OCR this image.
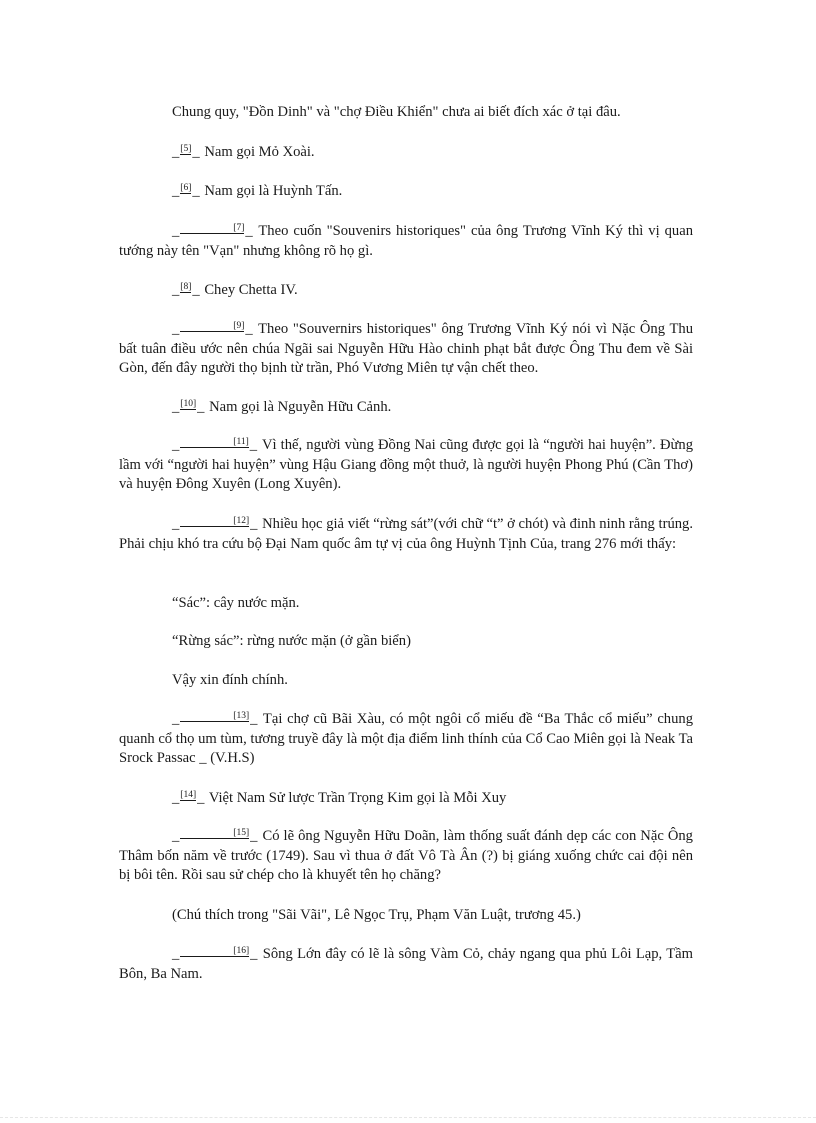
Chung quy, "Đồn Dinh" và "chợ Điều Khiển" chưa ai biết đích xác ở tại đâu.
_[5]_ Nam gọi Mỏ Xoài.
_[6]_ Nam gọi là Huỳnh Tấn.
_	[7]_ Theo cuốn "Souvenirs historiques" của ông Trương Vĩnh Ký thì vị quan tướng này tên "Vạn" nhưng không rõ họ gì.
_[8]_ Chey Chetta IV.
_	[9]_ Theo "Souvernirs historiques" ông Trương Vĩnh Ký nói vì Nặc Ông Thu bất tuân điều ước nên chúa Ngãi sai Nguyễn Hữu Hào chinh phạt bắt được Ông Thu đem về Sài Gòn, đến đây người thọ bịnh từ trần, Phó Vương Miên tự vận chết theo.
_[10]_ Nam gọi là Nguyễn Hữu Cảnh.
_	[11]_ Vì thế, người vùng Đồng Nai cũng được gọi là “người hai huyện”. Đừng lầm với “người hai huyện” vùng Hậu Giang đồng một thuở, là người huyện Phong Phú (Cần Thơ) và huyện Đông Xuyên (Long Xuyên).
_	[12]_ Nhiều học giả viết “rừng sát”(với chữ “t” ở chót) và đinh ninh rằng trúng. Phải chịu khó tra cứu bộ Đại Nam quốc âm tự vị của ông Huỳnh Tịnh Của, trang 276 mới thấy:
“Sác”: cây nước mặn.
“Rừng sác”: rừng nước mặn (ở gần biển)
Vậy xin đính chính.
_	[13]_ Tại chợ cũ Bãi Xàu, có một ngôi cổ miếu đề “Ba Thắc cổ miếu” chung quanh cổ thọ um tùm, tương truyề đây là một địa điểm linh thính của Cổ Cao Miên gọi là Neak Ta Srock Passac _ (V.H.S)
_[14]_ Việt Nam Sử lược Trần Trọng Kim gọi là Mỗi Xuy
_	[15]_ Có lẽ ông Nguyễn Hữu Doãn, làm thống suất đánh dẹp các con Nặc Ông Thâm bốn năm về trước (1749). Sau vì thua ở đất Vô Tà Ân (?) bị giáng xuống chức cai đội nên bị bôi tên. Rồi sau sử chép cho là khuyết tên họ chăng?
(Chú thích trong "Sãi Vãi", Lê Ngọc Trụ, Phạm Văn Luật, trương 45.)
_	[16]_ Sông Lớn đây có lẽ là sông Vàm Cỏ, chảy ngang qua phủ Lôi Lạp, Tầm Bôn, Ba Nam.
